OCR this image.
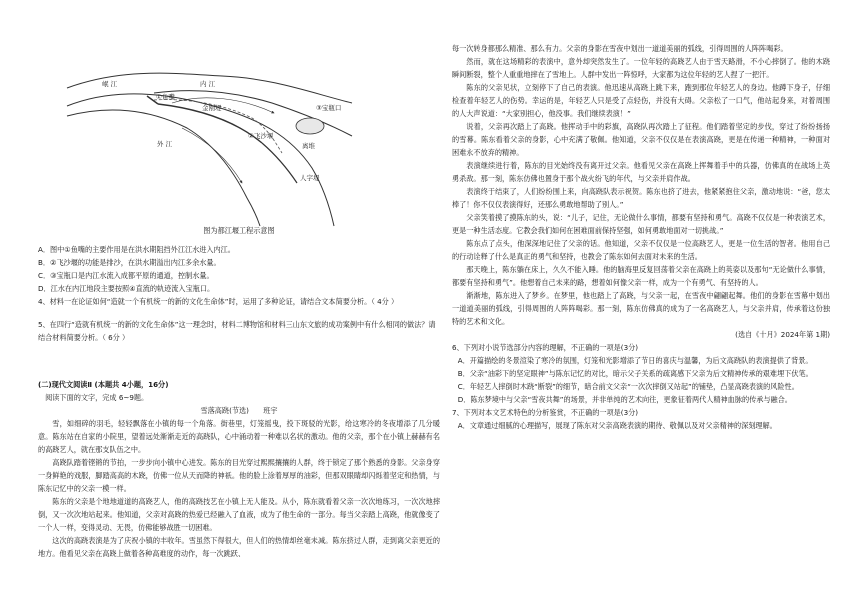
岷 江	内 江
外 江
①鱼嘴
金刚堤
②飞沙堰
③宝瓶口
离堆
人字堤
图为都江堰工程示意图
A．图中①鱼嘴的主要作用是在洪水期阻挡外江江水进入内江。
B．②飞沙堰的功能是排沙，在洪水期溢出内江多余水量。
C．③宝瓶口是内江水流入成都平原的通道，控制水量。
D．江水在内江地段主要按照④直流的轨迹流入宝瓶口。
4、材料一在论证如何“造就一个有机统一的新的文化生命体”时，运用了多种论证，请结合文本简要分析。（ 4分 ）
5、在四行“造就有机统一的新的文化生命体”这一理念时，材料二博物馆和材料三山东文旅的成功案例中有什么相同的做法？请结合材料简要分析。（ 6分 ）
(二)现代文阅读Ⅱ (本题共 4小题，16分)
阅读下面的文字，完成 6~9题。
雪落高跷(节选)　　班宇
雪，如细碎的羽毛，轻轻飘落在小镇的每一个角落。街巷里，灯笼摇曳，投下斑驳的光影，给这寒冷的冬夜增添了几分暖意。陈东站在自家的小院里，望着远处渐渐走近的高跷队，心中涌动着一种难以名状的激动。他的父亲，那个在小镇上赫赫有名的高跷艺人，就在那支队伍之中。
高跷队踏着铿锵的节拍，一步步向小镇中心进发。陈东的目光穿过熙熙攘攘的人群，终于锁定了那个熟悉的身影。父亲身穿一身鲜艳的戏服，脚踏高高的木跷，仿佛一位从天而降的神祇。他的脸上涂着厚厚的油彩，但那双眼睛却闪烁着坚定和热情，与陈东记忆中的父亲一模一样。
陈东的父亲是个地地道道的高跷艺人，他的高跷技艺在小镇上无人能及。从小，陈东就看着父亲一次次地练习，一次次地摔倒，又一次次地站起来。他知道，父亲对高跷的热爱已经融入了血液，成为了他生命的一部分。每当父亲踏上高跷，他就像变了一个人一样，变得灵动、无畏，仿佛能够战胜一切困难。
这次的高跷表演是为了庆祝小镇的丰收年。雪虽然下得很大，但人们的热情却丝毫未减。陈东挤过人群，走到离父亲更近的地方。他看见父亲在高跷上做着各种高难度的动作，每一次跳跃、
每一次转身都那么精准、那么有力。父亲的身影在雪夜中划出一道道美丽的弧线，引得周围的人阵阵喝彩。
然而，就在这场精彩的表演中，意外却突然发生了。一位年轻的高跷艺人由于雪天路滑，不小心摔倒了。他的木跷瞬间断裂，整个人重重地摔在了雪地上。人群中发出一阵惊呼，大家都为这位年轻的艺人捏了一把汗。
陈东的父亲见状，立刻停下了自己的表演。他迅速从高跷上跳下来，跑到那位年轻艺人的身边。他蹲下身子，仔细检查着年轻艺人的伤势。幸运的是，年轻艺人只是受了点轻伤，并没有大碍。父亲松了一口气，他站起身来，对着周围的人大声说道：“大家别担心，他没事。我们继续表演！”
说着，父亲再次踏上了高跷。他挥动手中的彩旗，高跷队再次踏上了征程。他们踏着坚定的步伐，穿过了纷纷扬扬的雪幕。陈东看着父亲的身影，心中充满了敬佩。他知道，父亲不仅仅是在表演高跷，更是在传递一种精神，一种面对困难永不放弃的精神。
表演继续进行着，陈东的目光始终没有离开过父亲。他看见父亲在高跷上挥舞着手中的兵器，仿佛真的在战场上英勇杀敌。那一刻，陈东仿佛也置身于那个战火纷飞的年代，与父亲并肩作战。
表演终于结束了，人们纷纷围上来，向高跷队表示祝贺。陈东也挤了进去，他紧紧抱住父亲，激动地说：“爸，您太棒了！你不仅仅表演得好，还那么勇敢地帮助了别人。”
父亲笑着摸了摸陈东的头，说：“儿子，记住，无论做什么事情，都要有坚持和勇气。高跷不仅仅是一种表演艺术，更是一种生活态度。它教会我们如何在困难面前保持坚强，如何勇敢地面对一切挑战。”
陈东点了点头，他深深地记住了父亲的话。他知道，父亲不仅仅是一位高跷艺人，更是一位生活的智者。他用自己的行动诠释了什么是真正的勇气和坚持，也教会了陈东如何去面对未来的生活。
那天晚上，陈东躺在床上，久久不能入睡。他的脑海里反复回荡着父亲在高跷上的英姿以及那句“无论做什么事情，都要有坚持和勇气”。他想着自己未来的路，想着如何像父亲一样，成为一个有勇气、有坚持的人。
渐渐地，陈东进入了梦乡。在梦里，他也踏上了高跷，与父亲一起，在雪夜中翩翩起舞。他们的身影在雪幕中划出一道道美丽的弧线，引得周围的人阵阵喝彩。那一刻，陈东仿佛真的成为了一名高跷艺人，与父亲并肩，传承着这份独特的艺术和文化。
(选自《十月》2024年第 1期)
6、下列对小说节选部分内容的理解，不正确的一项是(3分)
A．开篇描绘的冬景渲染了寒冷的氛围，灯笼和光影增添了节日的喜庆与温馨，为后文高跷队的表演提供了背景。
B．父亲“油彩下的坚定眼神”与陈东记忆的对比，暗示父子关系的疏离感下父亲为后文精神传承的艰难埋下伏笔。
C．年轻艺人摔倒时木跷“断裂”的细节，暗合前文父亲“一次次摔倒又站起”的铺垫，凸显高跷表演的风险性。
D．陈东梦境中与父亲“雪夜共舞”的场景，并非单纯的艺术向往，更象征着两代人精神血脉的传承与融合。
7、下列对本文艺术特色的分析鉴赏，不正确的一项是(3分)
A．文章通过细腻的心理描写，展现了陈东对父亲高跷表演的期待、敬佩以及对父亲精神的深刻理解。
